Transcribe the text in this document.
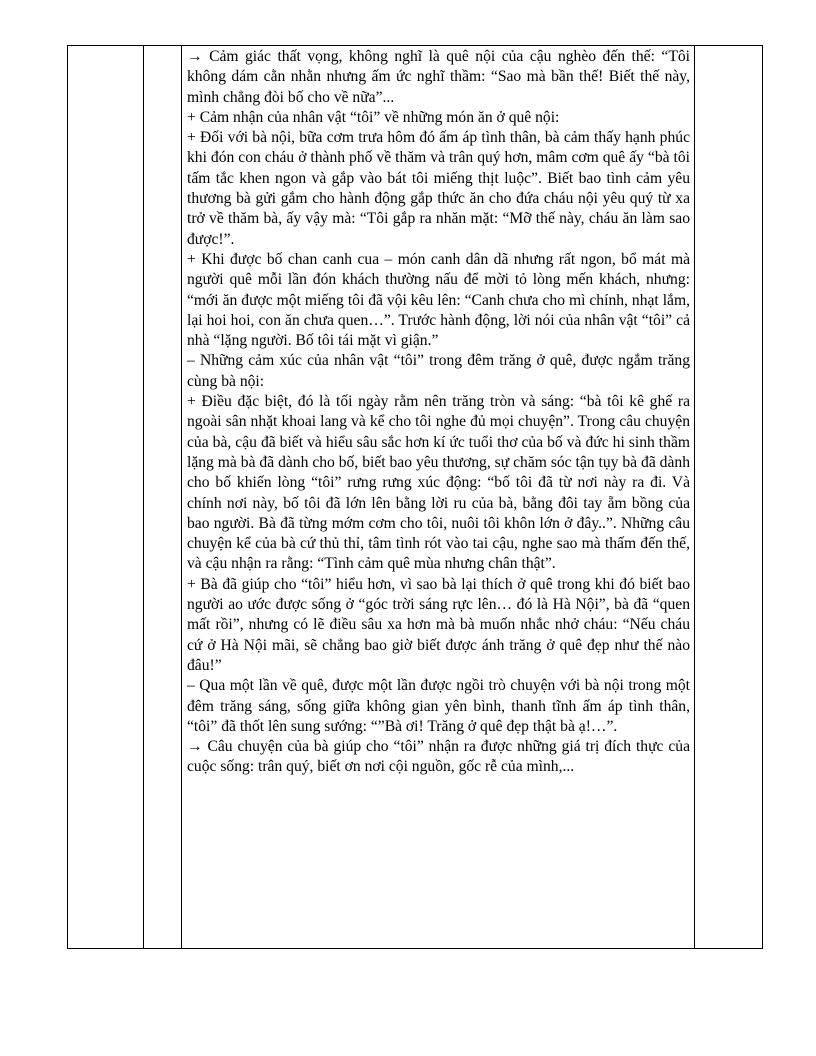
→ Cảm giác thất vọng, không nghĩ là quê nội của cậu nghèo đến thế: “Tôi không dám cằn nhằn nhưng ấm ức nghĩ thầm: “Sao mà bần thế! Biết thế này, mình chẳng đòi bố cho về nữa”...

+ Cảm nhận của nhân vật “tôi” về những món ăn ở quê nội:

+ Đối với bà nội, bữa cơm trưa hôm đó ấm áp tình thân, bà cảm thấy hạnh phúc khi đón con cháu ở thành phố về thăm và trân quý hơn, mâm cơm quê ấy “bà tôi tấm tắc khen ngon và gắp vào bát tôi miếng thịt luộc”. Biết bao tình cảm yêu thương bà gửi gắm cho hành động gắp thức ăn cho đứa cháu nội yêu quý từ xa trở về thăm bà, ấy vậy mà: “Tôi gắp ra nhăn mặt: “Mỡ thế này, cháu ăn làm sao được!”.

+ Khi được bố chan canh cua – món canh dân dã nhưng rất ngon, bổ mát mà người quê mỗi lần đón khách thường nấu để mời tỏ lòng mến khách, nhưng: “mới ăn được một miếng tôi đã vội kêu lên: “Canh chưa cho mì chính, nhạt lắm, lại hoi hoi, con ăn chưa quen…”. Trước hành động, lời nói của nhân vật “tôi” cả nhà “lặng người. Bố tôi tái mặt vì giận.”

– Những cảm xúc của nhân vật “tôi” trong đêm trăng ở quê, được ngắm trăng cùng bà nội:

+ Điều đặc biệt, đó là tối ngày rằm nên trăng tròn và sáng: “bà tôi kê ghế ra ngoài sân nhặt khoai lang và kể cho tôi nghe đủ mọi chuyện”. Trong câu chuyện của bà, cậu đã biết và hiểu sâu sắc hơn kí ức tuổi thơ của bố và đức hi sinh thầm lặng mà bà đã dành cho bố, biết bao yêu thương, sự chăm sóc tận tụy bà đã dành cho bố khiến lòng “tôi” rưng rưng xúc động: “bố tôi đã từ nơi này ra đi. Và chính nơi này, bố tôi đã lớn lên bằng lời ru của bà, bằng đôi tay ẵm bồng của bao người. Bà đã từng mớm cơm cho tôi, nuôi tôi khôn lớn ở đây..”. Những câu chuyện kể của bà cứ thủ thỉ, tâm tình rót vào tai cậu, nghe sao mà thấm đến thế, và cậu nhận ra rằng: “Tình cảm quê mùa nhưng chân thật”.

+ Bà đã giúp cho “tôi” hiểu hơn, vì sao bà lại thích ở quê trong khi đó biết bao người ao ước được sống ở “góc trời sáng rực lên… đó là Hà Nội”, bà đã “quen mất rồi”, nhưng có lẽ điều sâu xa hơn mà bà muốn nhắc nhở cháu: “Nếu cháu cứ ở Hà Nội mãi, sẽ chẳng bao giờ biết được ánh trăng ở quê đẹp như thế nào đâu!”

– Qua một lần về quê, được một lần được ngồi trò chuyện với bà nội trong một đêm trăng sáng, sống giữa không gian yên bình, thanh tĩnh ấm áp tình thân, “tôi” đã thốt lên sung sướng: “”Bà ơi! Trăng ở quê đẹp thật bà ạ!…”.

→ Câu chuyện của bà giúp cho “tôi” nhận ra được những giá trị đích thực của cuộc sống: trân quý, biết ơn nơi cội nguồn, gốc rễ của mình,...
